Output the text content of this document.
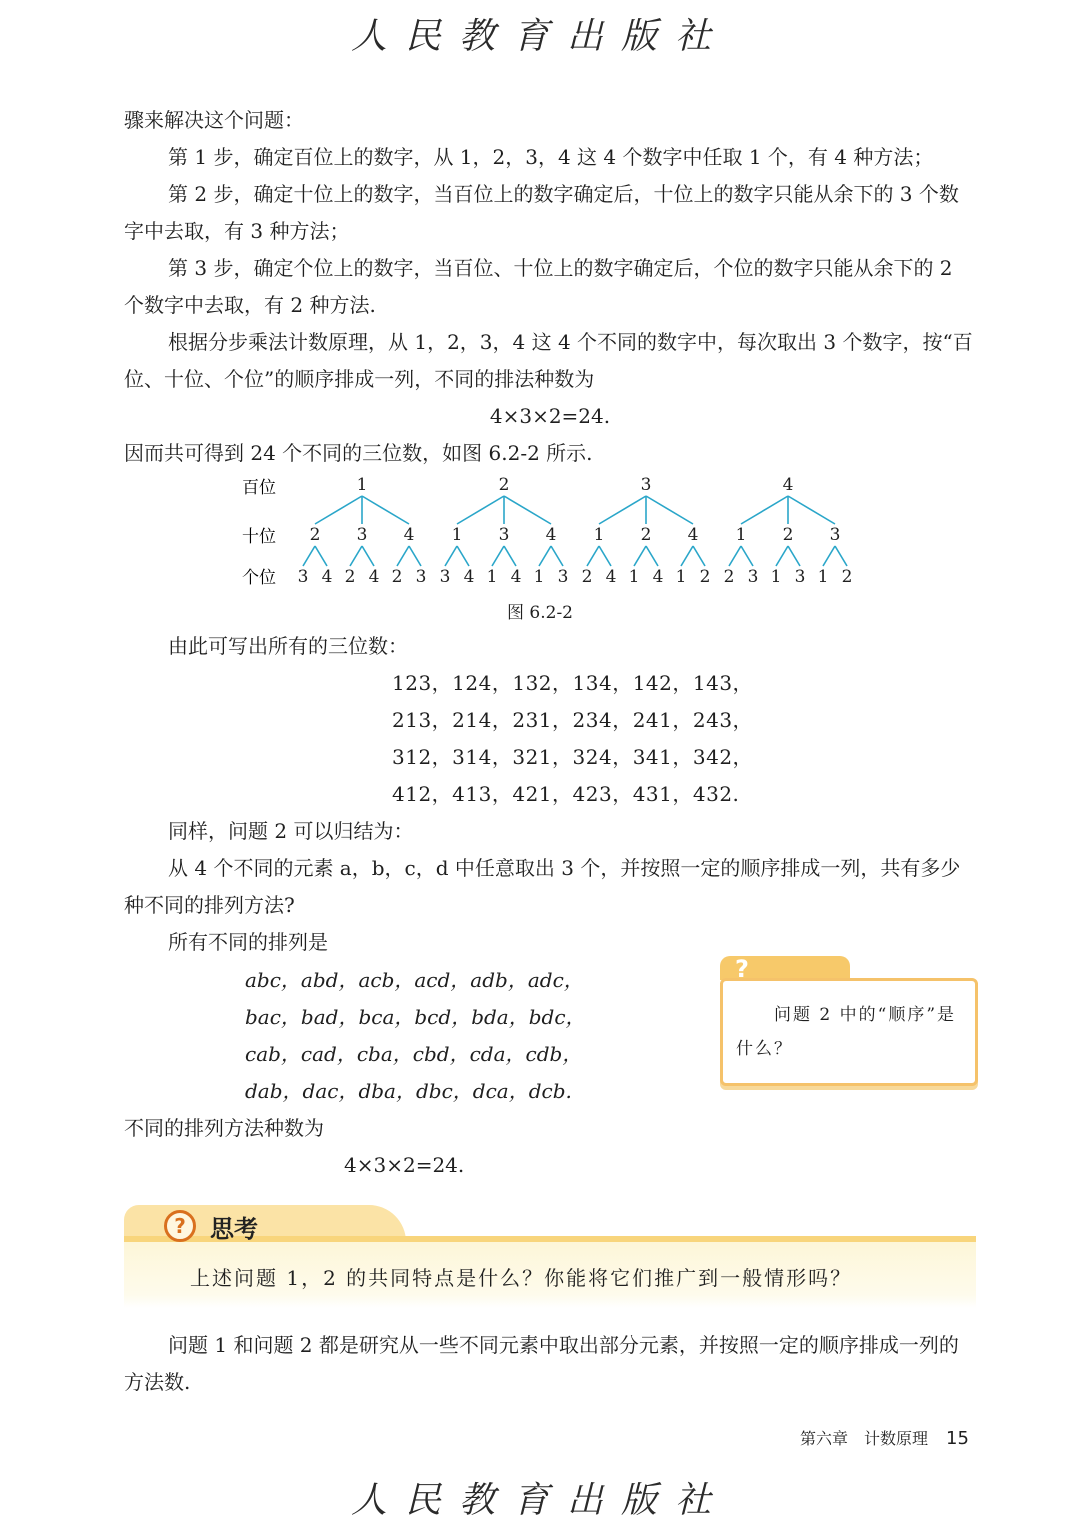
人民教育出版社

骤来解决这个问题：

第 1 步，确定百位上的数字，从 1，2，3，4 这 4 个数字中任取 1 个，有 4 种方法；

第 2 步，确定十位上的数字，当百位上的数字确定后，十位上的数字只能从余下的 3 个数字中去取，有 3 种方法；

第 3 步，确定个位上的数字，当百位、十位上的数字确定后，个位的数字只能从余下的 2 个数字中去取，有 2 种方法.

根据分步乘法计数原理，从 1，2，3，4 这 4 个不同的数字中，每次取出 3 个数字，按“百位、十位、个位”的顺序排成一列，不同的排法种数为

4×3×2=24.

因而共可得到 24 个不同的三位数，如图 6.2-2 所示.

百位
十位
个位
1
2
3 4
3
2 4
4
2 3
2
1
3 4
3
1 4
4
1 3
3
1
2 4
2
1 4
4
1 2
4
1
2 3
2
1 3
3
1 2
图 6.2-2

由此可写出所有的三位数：

123，124，132，134，142，143，
213，214，231，234，241，243，
312，314，321，324，341，342，
412，413，421，423，431，432.

同样，问题 2 可以归结为：

从 4 个不同的元素 a，b，c，d 中任意取出 3 个，并按照一定的顺序排成一列，共有多少种不同的排列方法?

所有不同的排列是

abc，abd，acb，acd，adb，adc，
bac，bad，bca，bcd，bda，bdc，
cab，cad，cba，cbd，cda，cdb，
dab，dac，dba，dbc，dca，dcb.
?
问题 2 中的“顺序”是什么？

不同的排列方法种数为

4×3×2=24.
?	思考
上述问题 1，2 的共同特点是什么？你能将它们推广到一般情形吗？

问题 1 和问题 2 都是研究从一些不同元素中取出部分元素，并按照一定的顺序排成一列的方法数.

第六章　计数原理 15
人民教育出版社
